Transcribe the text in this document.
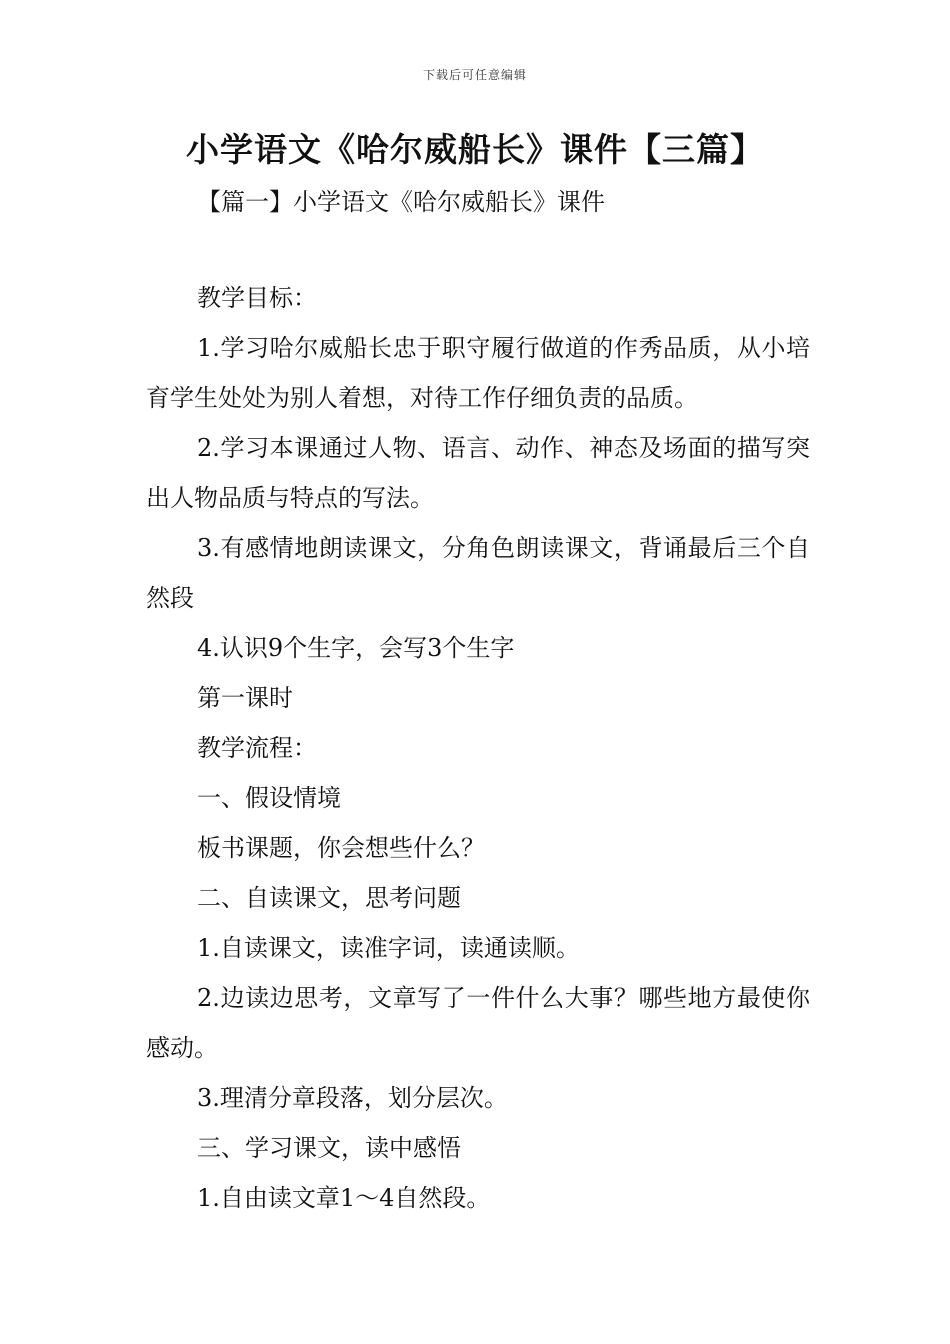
下载后可任意编辑
小学语文《哈尔威船长》课件【三篇】

【篇一】小学语文《哈尔威船长》课件

教学目标：

1.学习哈尔威船长忠于职守履行做道的作秀品质，从小培育学生处处为别人着想，对待工作仔细负责的品质。

2.学习本课通过人物、语言、动作、神态及场面的描写突出人物品质与特点的写法。

3.有感情地朗读课文，分角色朗读课文，背诵最后三个自然段

4.认识9个生字，会写3个生字

第一课时

教学流程：

一、假设情境

板书课题，你会想些什么？

二、自读课文，思考问题

1.自读课文，读准字词，读通读顺。

2.边读边思考，文章写了一件什么大事？哪些地方最使你感动。

3.理清分章段落，划分层次。

三、学习课文，读中感悟

1.自由读文章1～4自然段。
